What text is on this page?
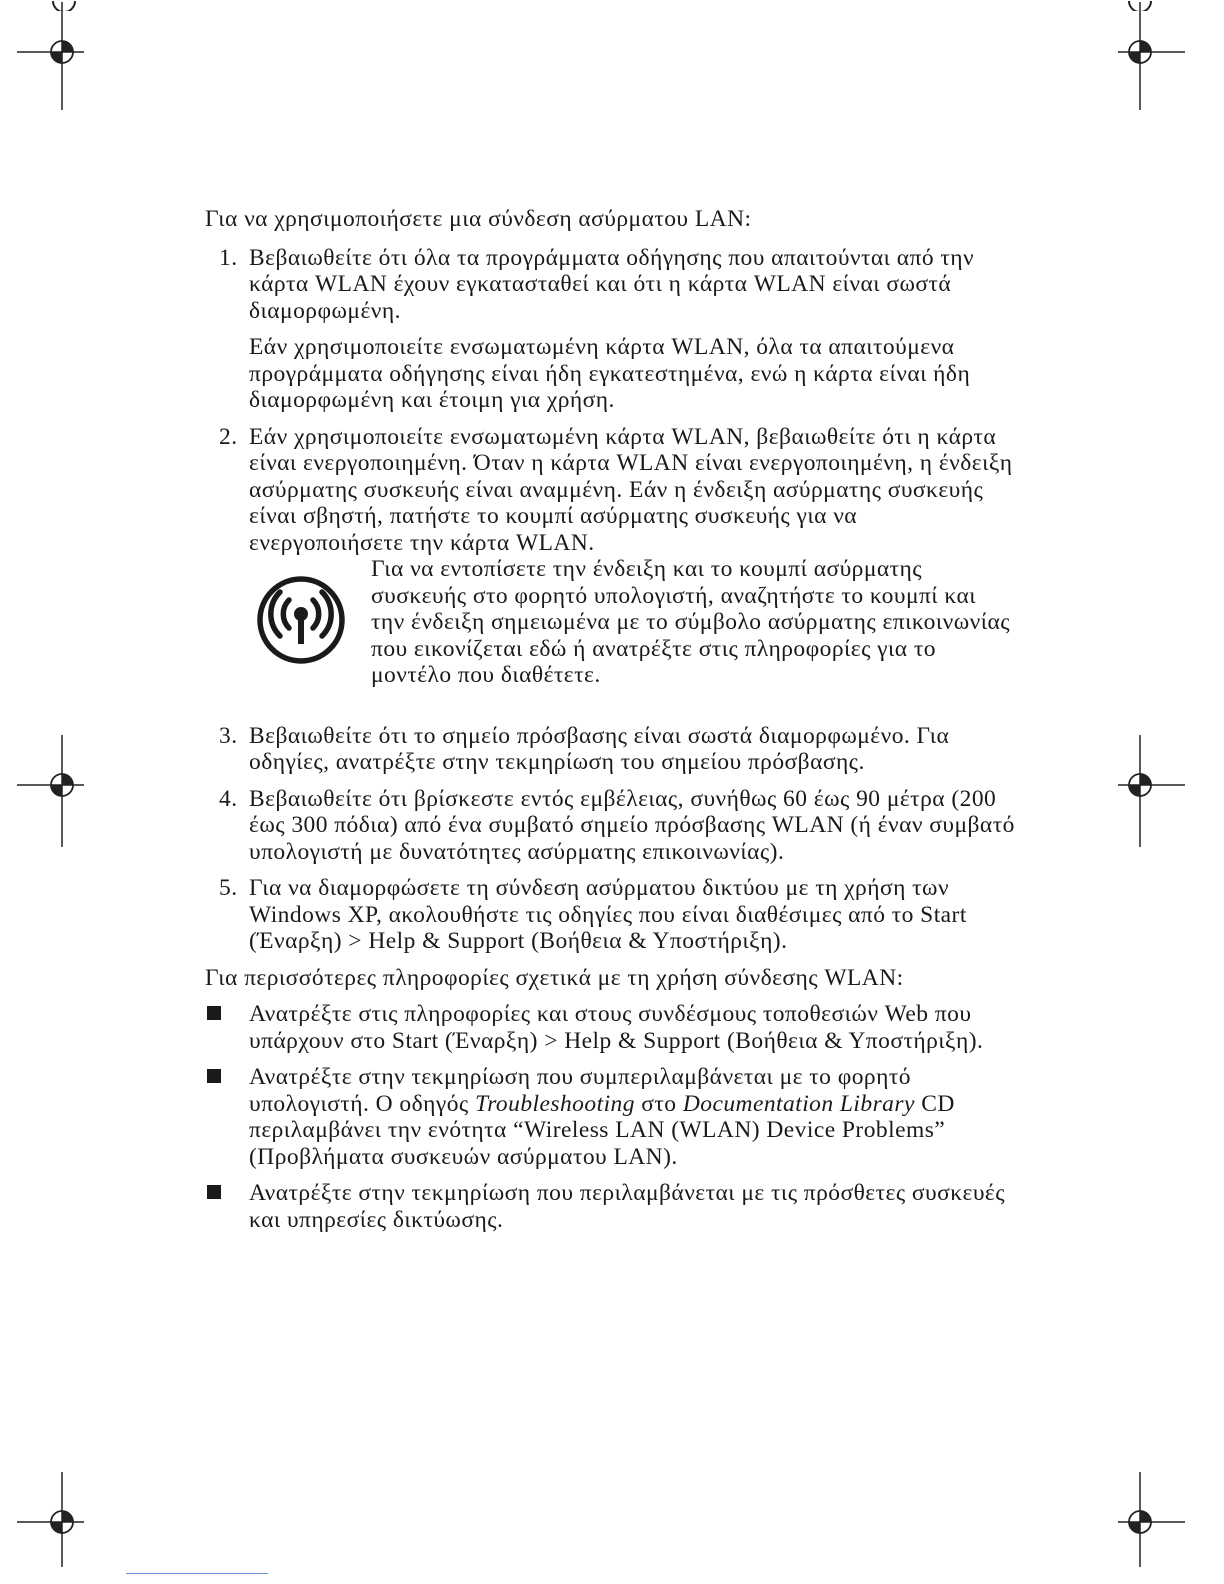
Για να χρησιμοποιήσετε μια σύνδεση ασύρματου LAN:

1. Βεβαιωθείτε ότι όλα τα προγράμματα οδήγησης που απαιτούνται από την κάρτα WLAN έχουν εγκατασταθεί και ότι η κάρτα WLAN είναι σωστά διαμορφωμένη.

Εάν χρησιμοποιείτε ενσωματωμένη κάρτα WLAN, όλα τα απαιτούμενα προγράμματα οδήγησης είναι ήδη εγκατεστημένα, ενώ η κάρτα είναι ήδη διαμορφωμένη και έτοιμη για χρήση.

2. Εάν χρησιμοποιείτε ενσωματωμένη κάρτα WLAN, βεβαιωθείτε ότι η κάρτα είναι ενεργοποιημένη. Όταν η κάρτα WLAN είναι ενεργοποιημένη, η ένδειξη ασύρματης συσκευής είναι αναμμένη. Εάν η ένδειξη ασύρματης συσκευής είναι σβηστή, πατήστε το κουμπί ασύρματης συσκευής για να ενεργοποιήσετε την κάρτα WLAN.

Για να εντοπίσετε την ένδειξη και το κουμπί ασύρματης συσκευής στο φορητό υπολογιστή, αναζητήστε το κουμπί και την ένδειξη σημειωμένα με το σύμβολο ασύρματης επικοινωνίας που εικονίζεται εδώ ή ανατρέξτε στις πληροφορίες για το μοντέλο που διαθέτετε.

3. Βεβαιωθείτε ότι το σημείο πρόσβασης είναι σωστά διαμορφωμένο. Για οδηγίες, ανατρέξτε στην τεκμηρίωση του σημείου πρόσβασης.

4. Βεβαιωθείτε ότι βρίσκεστε εντός εμβέλειας, συνήθως 60 έως 90 μέτρα (200 έως 300 πόδια) από ένα συμβατό σημείο πρόσβασης WLAN (ή έναν συμβατό υπολογιστή με δυνατότητες ασύρματης επικοινωνίας).

5. Για να διαμορφώσετε τη σύνδεση ασύρματου δικτύου με τη χρήση των Windows XP, ακολουθήστε τις οδηγίες που είναι διαθέσιμες από το Start (Έναρξη) > Help & Support (Βοήθεια & Υποστήριξη).

Για περισσότερες πληροφορίες σχετικά με τη χρήση σύνδεσης WLAN:

Ανατρέξτε στις πληροφορίες και στους συνδέσμους τοποθεσιών Web που υπάρχουν στο Start (Έναρξη) > Help & Support (Βοήθεια & Υποστήριξη).

Ανατρέξτε στην τεκμηρίωση που συμπεριλαμβάνεται με το φορητό υπολογιστή. Ο οδηγός Troubleshooting στο Documentation Library CD περιλαμβάνει την ενότητα “Wireless LAN (WLAN) Device Problems” (Προβλήματα συσκευών ασύρματου LAN).

Ανατρέξτε στην τεκμηρίωση που περιλαμβάνεται με τις πρόσθετες συσκευές και υπηρεσίες δικτύωσης.
